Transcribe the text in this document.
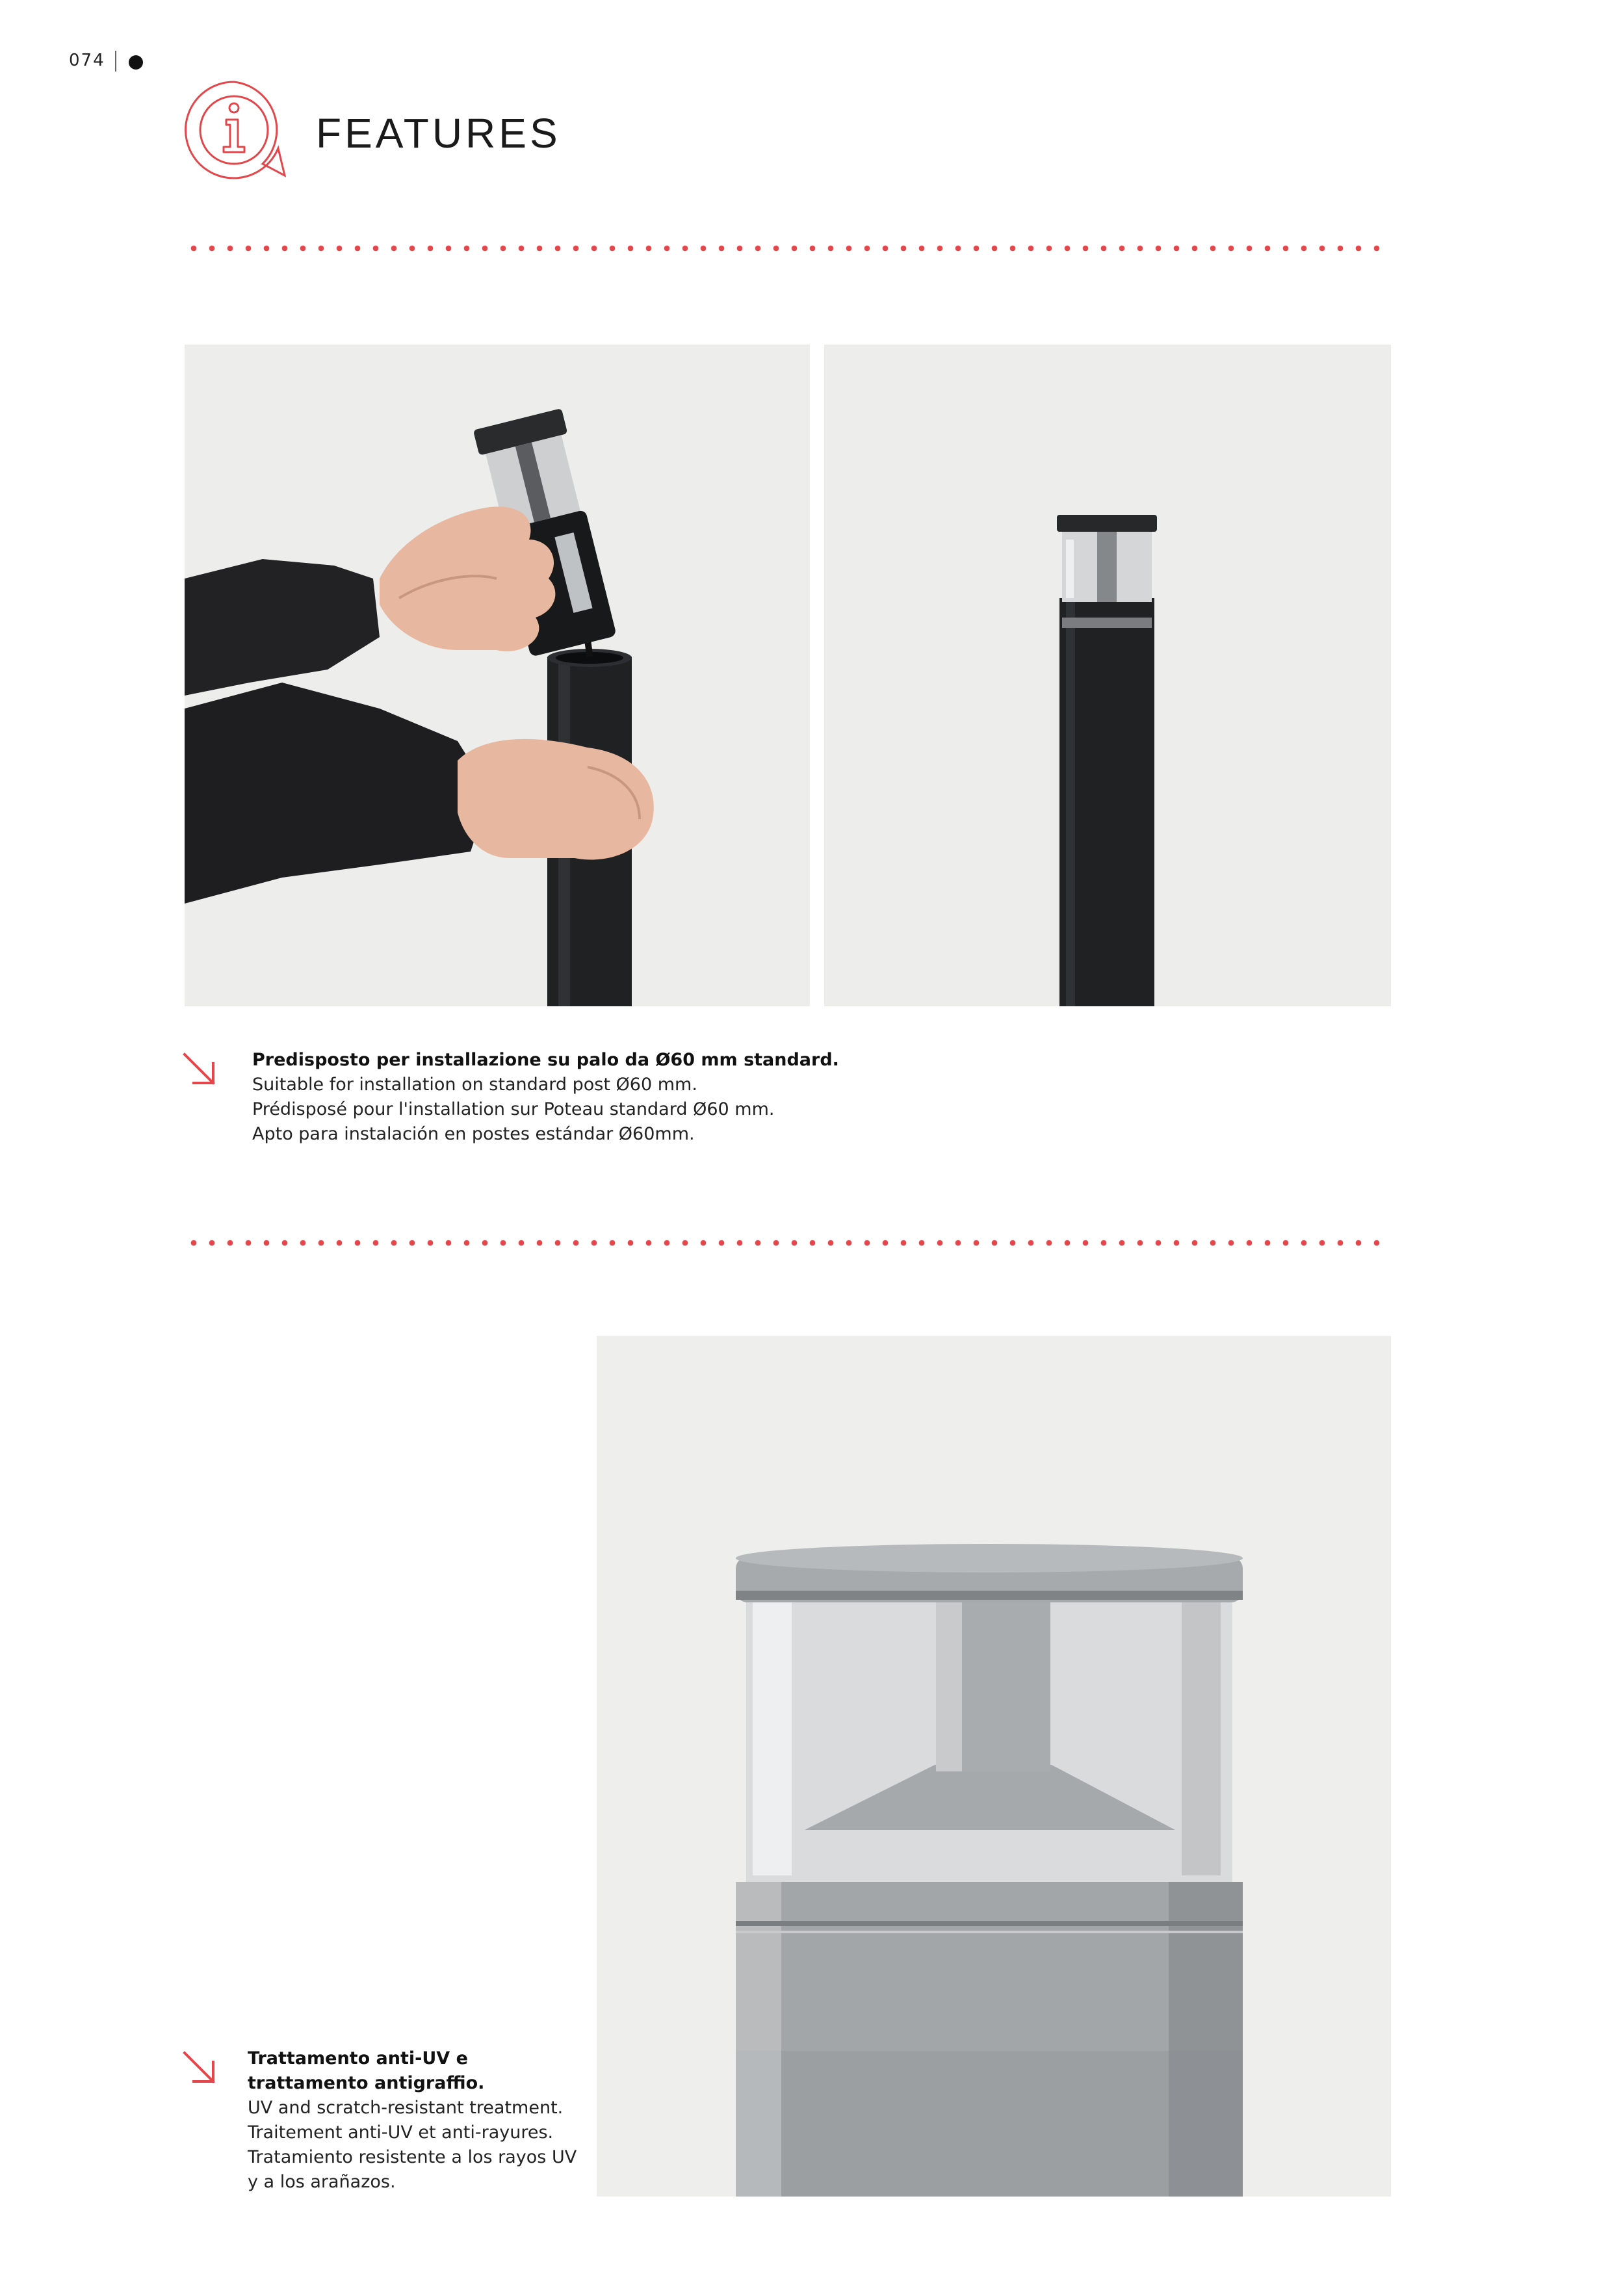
074
FEATURES
Predisposto per installazione su palo da Ø60 mm standard.
Suitable for installation on standard post Ø60 mm.
Prédisposé pour l'installation sur Poteau standard Ø60 mm.
Apto para instalación en postes estándar Ø60mm.
Trattamento anti-UV e
trattamento antigraffio.
UV and scratch-resistant treatment.
Traitement anti-UV et anti-rayures.
Tratamiento resistente a los rayos UV
y a los arañazos.
